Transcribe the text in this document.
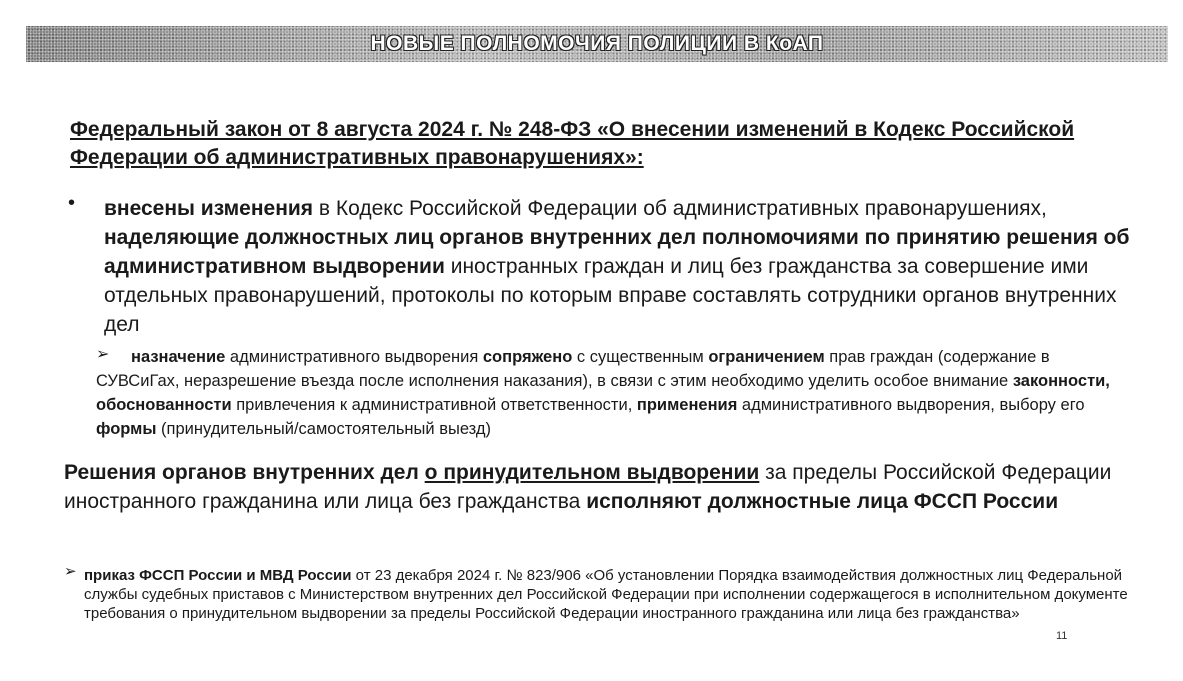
НОВЫЕ ПОЛНОМОЧИЯ ПОЛИЦИИ В КоАП
Федеральный закон от 8 августа 2024 г. № 248-ФЗ «О внесении изменений в Кодекс Российской Федерации об административных правонарушениях»:
• внесены изменения в Кодекс Российской Федерации об административных правонарушениях, наделяющие должностных лиц органов внутренних дел полномочиями по принятию решения об административном выдворении иностранных граждан и лиц без гражданства за совершение ими отдельных правонарушений, протоколы по которым вправе составлять сотрудники органов внутренних дел
➢	назначение административного выдворения сопряжено с существенным ограничением прав граждан (содержание в СУВСиГах, неразрешение въезда после исполнения наказания), в связи с этим необходимо уделить особое внимание законности, обоснованности привлечения к административной ответственности, применения административного выдворения, выбору его формы (принудительный/самостоятельный выезд)
Решения органов внутренних дел о принудительном выдворении за пределы Российской Федерации иностранного гражданина или лица без гражданства исполняют должностные лица ФССП России
➢ приказ ФССП России и МВД России от 23 декабря 2024 г. № 823/906 «Об установлении Порядка взаимодействия должностных лиц Федеральной службы судебных приставов с Министерством внутренних дел Российской Федерации при исполнении содержащегося в исполнительном документе требования о принудительном выдворении за пределы Российской Федерации иностранного гражданина или лица без гражданства»
11
